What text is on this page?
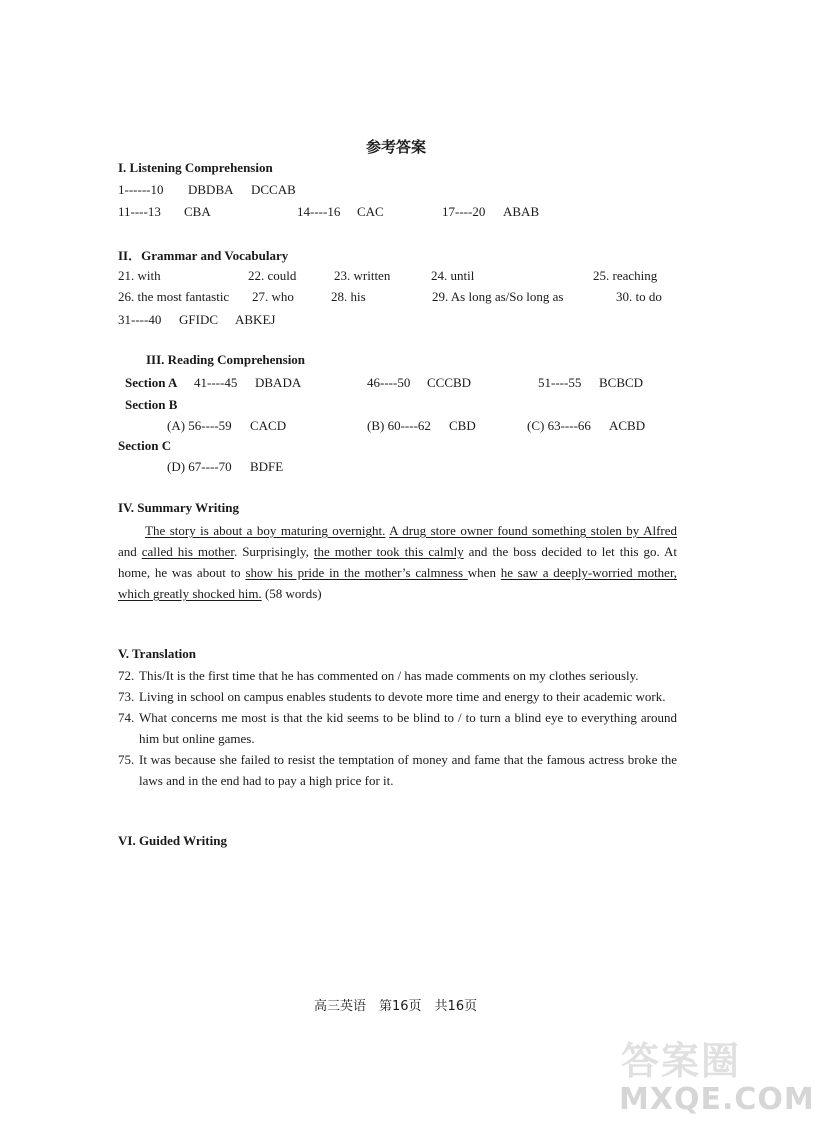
参考答案
I. Listening Comprehension
1------10 DBDBA DCCAB
11----13 CBA	14----16 CAC	17----20 ABAB
II．Grammar and Vocabulary
21. with	22. could	23. written	24. until	25. reaching
26. the most fantastic 27. who	28. his	29. As long as/So long as	30. to do
31----40 GFIDC ABKEJ
III. Reading Comprehension
Section A 41----45 DBADA	46----50 CCCBD	51----55 BCBCD
Section B
(A) 56----59 CACD	(B) 60----62 CBD	(C) 63----66 ACBD
Section C
(D) 67----70 BDFE
IV. Summary Writing
The story is about a boy maturing overnight. A drug store owner found something stolen by Alfred and called his mother. Surprisingly, the mother took this calmly and the boss decided to let this go. At home, he was about to show his pride in the mother’s calmness when he saw a deeply-worried mother, which greatly shocked him. (58 words)
V. Translation
72. This/It is the first time that he has commented on / has made comments on my clothes seriously.
73. Living in school on campus enables students to devote more time and energy to their academic work.
74. What concerns me most is that the kid seems to be blind to / to turn a blind eye to everything around him but online games.
75. It was because she failed to resist the temptation of money and fame that the famous actress broke the laws and in the end had to pay a high price for it.
VI. Guided Writing
高三英语　第16页　共16页
答案圈
MXQE.COM
